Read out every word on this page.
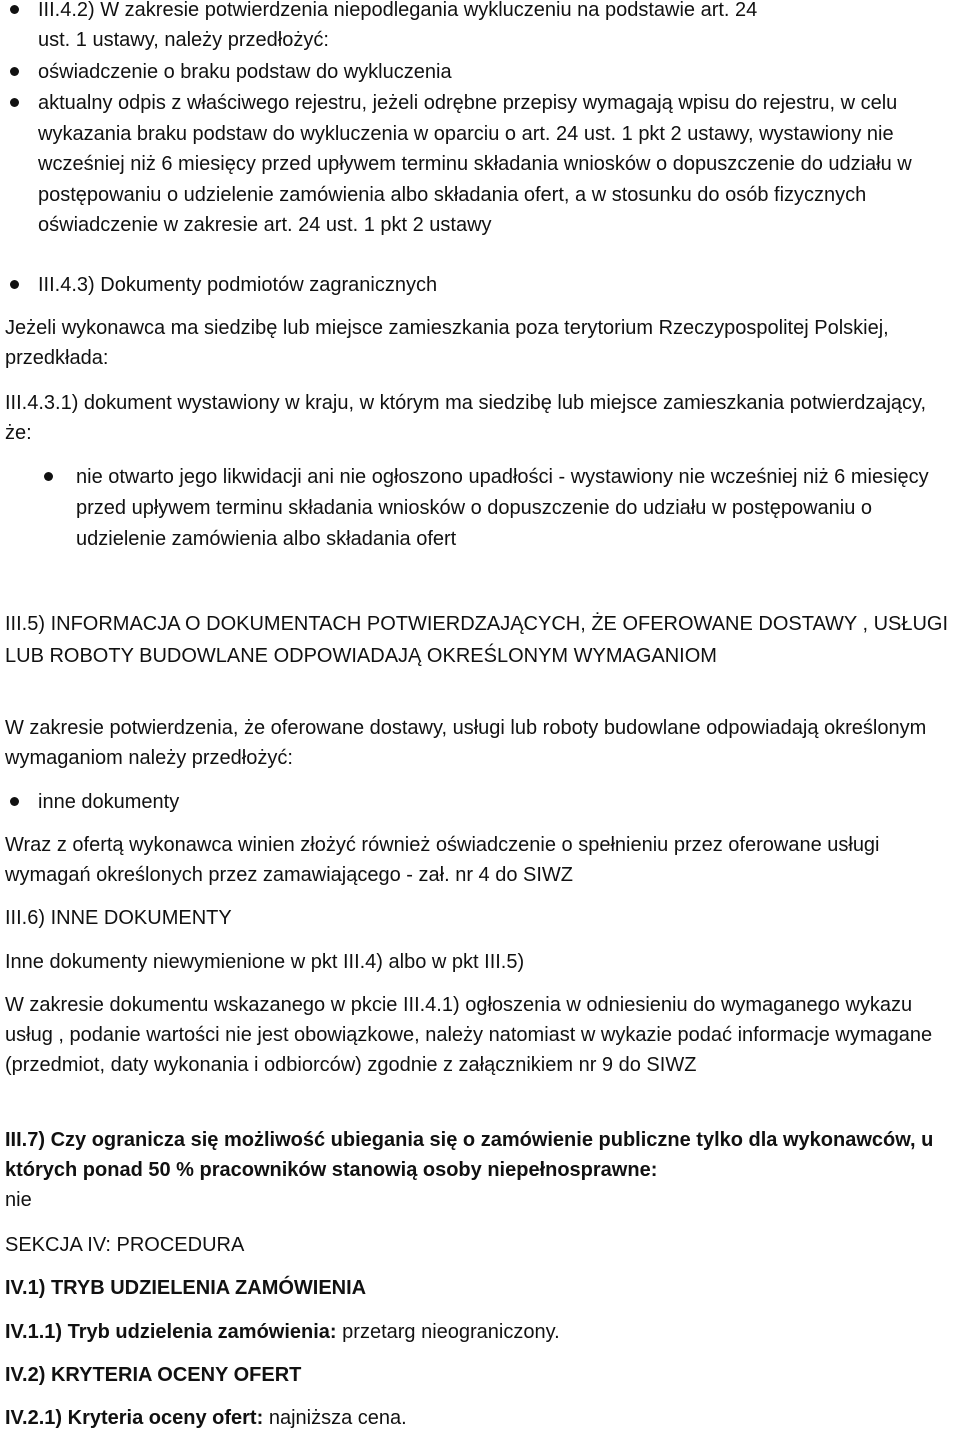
III.4.2) W zakresie potwierdzenia niepodlegania wykluczeniu na podstawie art. 24
ust. 1 ustawy, należy przedłożyć:
oświadczenie o braku podstaw do wykluczenia
aktualny odpis z właściwego rejestru, jeżeli odrębne przepisy wymagają wpisu do rejestru, w celu wykazania braku podstaw do wykluczenia w oparciu o art. 24 ust. 1 pkt 2 ustawy, wystawiony nie wcześniej niż 6 miesięcy przed upływem terminu składania wniosków o dopuszczenie do udziału w postępowaniu o udzielenie zamówienia albo składania ofert, a w stosunku do osób fizycznych oświadczenie w zakresie art. 24 ust. 1 pkt 2 ustawy
III.4.3) Dokumenty podmiotów zagranicznych

Jeżeli wykonawca ma siedzibę lub miejsce zamieszkania poza terytorium Rzeczypospolitej Polskiej, przedkłada:

III.4.3.1) dokument wystawiony w kraju, w którym ma siedzibę lub miejsce zamieszkania potwierdzający, że:

nie otwarto jego likwidacji ani nie ogłoszono upadłości - wystawiony nie wcześniej niż 6 miesięcy przed upływem terminu składania wniosków o dopuszczenie do udziału w postępowaniu o udzielenie zamówienia albo składania ofert

III.5) INFORMACJA O DOKUMENTACH POTWIERDZAJĄCYCH, ŻE OFEROWANE DOSTAWY , USŁUGI LUB ROBOTY BUDOWLANE ODPOWIADAJĄ OKREŚLONYM WYMAGANIOM

W zakresie potwierdzenia, że oferowane dostawy, usługi lub roboty budowlane odpowiadają określonym wymaganiom należy przedłożyć:

inne dokumenty

Wraz z ofertą wykonawca winien złożyć również oświadczenie o spełnieniu przez oferowane usługi wymagań określonych przez zamawiającego - zał. nr 4 do SIWZ

III.6) INNE DOKUMENTY

Inne dokumenty niewymienione w pkt III.4) albo w pkt III.5)

W zakresie dokumentu wskazanego w pkcie III.4.1) ogłoszenia w odniesieniu do wymaganego wykazu usług , podanie wartości nie jest obowiązkowe, należy natomiast w wykazie podać informacje wymagane (przedmiot, daty wykonania i odbiorców) zgodnie z załącznikiem nr 9 do SIWZ

III.7) Czy ogranicza się możliwość ubiegania się o zamówienie publiczne tylko dla wykonawców, u których ponad 50 % pracowników stanowią osoby niepełnosprawne:

nie

SEKCJA IV: PROCEDURA

IV.1) TRYB UDZIELENIA ZAMÓWIENIA

IV.1.1) Tryb udzielenia zamówienia: przetarg nieograniczony.

IV.2) KRYTERIA OCENY OFERT

IV.2.1) Kryteria oceny ofert: najniższa cena.
